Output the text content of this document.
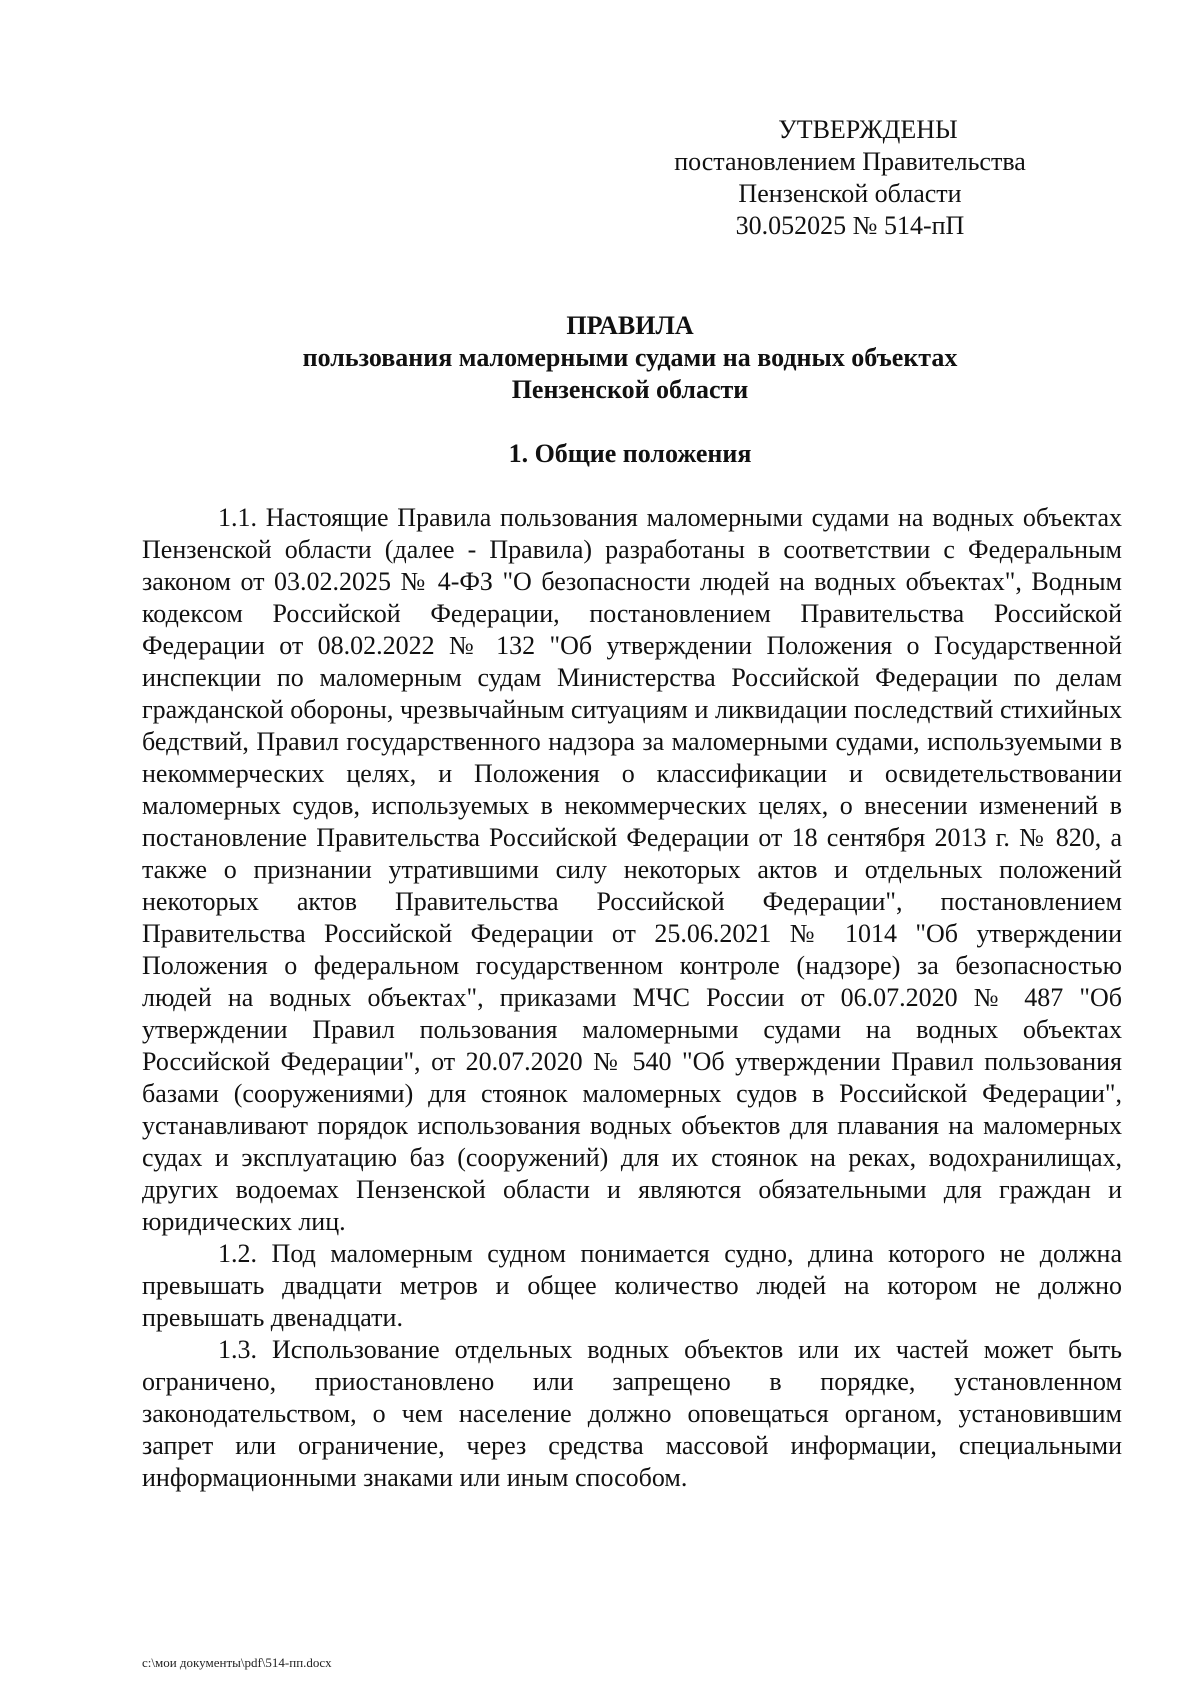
УТВЕРЖДЕНЫ
постановлением Правительства
Пензенской области
30.052025 № 514-пП
ПРАВИЛА
пользования маломерными судами на водных объектах
Пензенской области
1. Общие положения

1.1. Настоящие Правила пользования маломерными судами на водных объектах Пензенской области (далее - Правила) разработаны в соответствии с Федеральным законом от 03.02.2025 № 4-ФЗ "О безопасности людей на водных объектах", Водным кодексом Российской Федерации, постановлением Правительства Российской Федерации от 08.02.2022 № 132 "Об утверждении Положения о Государственной инспекции по маломерным судам Министерства Российской Федерации по делам гражданской обороны, чрезвычайным ситуациям и ликвидации последствий стихийных бедствий, Правил государственного надзора за маломерными судами, используемыми в некоммерческих целях, и Положения о классификации и освидетельствовании маломерных судов, используемых в некоммерческих целях, о внесении изменений в постановление Правительства Российской Федерации от 18 сентября 2013 г. № 820, а также о признании утратившими силу некоторых актов и отдельных положений некоторых актов Правительства Российской Федерации", постановлением Правительства Российской Федерации от 25.06.2021 № 1014 "Об утверждении Положения о федеральном государственном контроле (надзоре) за безопасностью людей на водных объектах", приказами МЧС России от 06.07.2020 № 487 "Об утверждении Правил пользования маломерными судами на водных объектах Российской Федерации", от 20.07.2020 № 540 "Об утверждении Правил пользования базами (сооружениями) для стоянок маломерных судов в Российской Федерации", устанавливают порядок использования водных объектов для плавания на маломерных судах и эксплуатацию баз (сооружений) для их стоянок на реках, водохранилищах, других водоемах Пензенской области и являются обязательными для граждан и юридических лиц.

1.2. Под маломерным судном понимается судно, длина которого не должна превышать двадцати метров и общее количество людей на котором не должно превышать двенадцати.

1.3. Использование отдельных водных объектов или их частей может быть ограничено, приостановлено или запрещено в порядке, установленном законодательством, о чем население должно оповещаться органом, установившим запрет или ограничение, через средства массовой информации, специальными информационными знаками или иным способом.

c:\мои документы\pdf\514-пп.docx
